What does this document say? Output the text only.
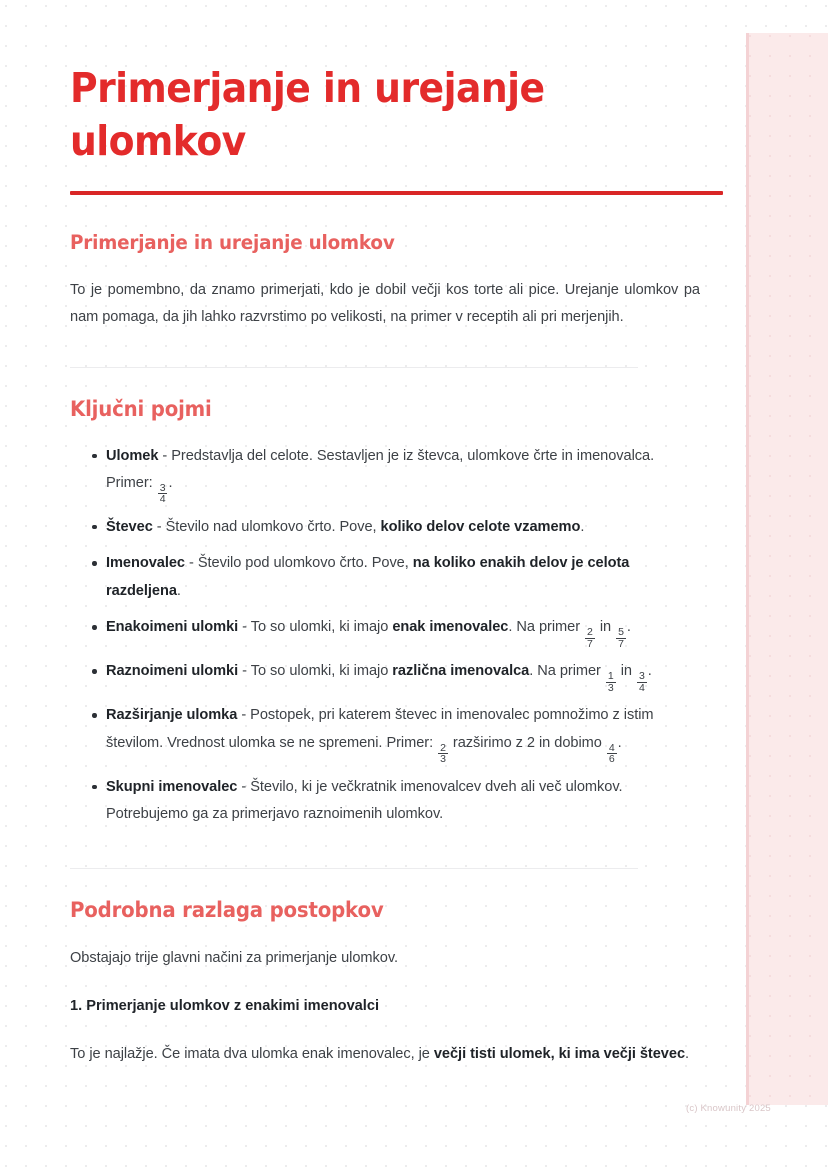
Primerjanje in urejanje ulomkov
Primerjanje in urejanje ulomkov

To je pomembno, da znamo primerjati, kdo je dobil večji kos torte ali pice. Urejanje ulomkov pa nam pomaga, da jih lahko razvrstimo po velikosti, na primer v receptih ali pri merjenjih.

Ključni pojmi
Ulomek - Predstavlja del celote. Sestavljen je iz števca, ulomkove črte in imenovalca. Primer: $\frac{3}{4}$ .
Števec - Število nad ulomkovo črto. Pove, koliko delov celote vzamemo.
Imenovalec - Število pod ulomkovo črto. Pove, na koliko enakih delov je celota razdeljena.
Enakoimeni ulomki - To so ulomki, ki imajo enak imenovalec. Na primer $\frac{2}{7}$ in $\frac{5}{7}$ .
Raznoimeni ulomki - To so ulomki, ki imajo različna imenovalca. Na primer $\frac{1}{3}$ in $\frac{3}{4}$ .
Razširjanje ulomka - Postopek, pri katerem števec in imenovalec pomnožimo z istim številom. Vrednost ulomka se ne spremeni. Primer: $\frac{2}{3}$ razširimo z 2 in dobimo $\frac{4}{6}$ .
Skupni imenovalec - Število, ki je večkratnik imenovalcev dveh ali več ulomkov. Potrebujemo ga za primerjavo raznoimenih ulomkov.
Podrobna razlaga postopkov

Obstajajo trije glavni načini za primerjanje ulomkov.

1. Primerjanje ulomkov z enakimi imenovalci

To je najlažje. Če imata dva ulomka enak imenovalec, je večji tisti ulomek, ki ima večji števec.

(c) Knowunity 2025
